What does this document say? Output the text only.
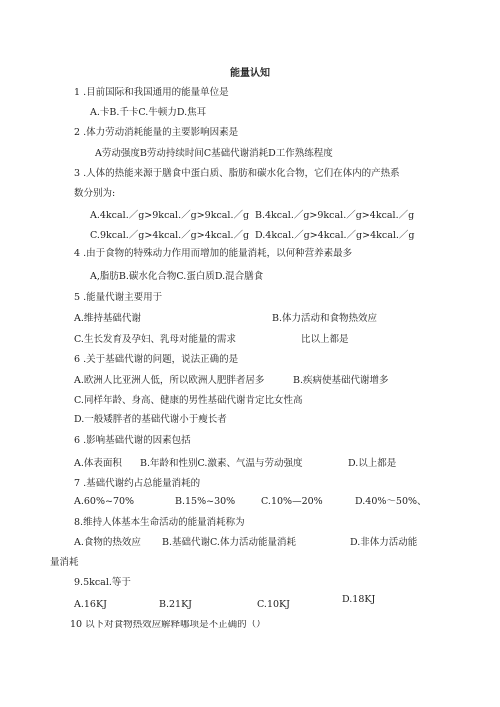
能量认知
1 .目前国际和我国通用的能量单位是
A.卡B.千卡C.牛顿力D.焦耳
2 .体力劳动消耗能量的主要影响因素是
A劳动强度B劳动持续时间C基础代谢消耗D工作熟练程度
3 .人体的热能来源于膳食中蛋白质、脂肪和碳水化合物，它们在体内的产热系
数分别为:
A.4kcal.／g>9kcal.／g>9kcal.／g B.4kcal.／g>9kcal.／g>4kcal.／g
C.9kcal.／g>4kcal.／g>4kcal.／g D.4kcal.／g>4kcal.／g>4kcal.／g
4 .由于食物的特殊动力作用而增加的能量消耗，以何种营养素最多
A,脂肪B.碳水化合物C.蛋白质D.混合膳食
5 .能量代谢主要用于
A.维持基础代谢	B.体力活动和食物热效应
C.生长发育及孕妇、乳母对能量的需求	比以上都是
6 .关于基础代谢的问题，说法正确的是
A.欧洲人比亚洲人低，所以欧洲人肥胖者居多	B.疾病使基础代谢增多
C.同样年龄、身高、健康的男性基础代谢肯定比女性高
D.一般矮胖者的基础代谢小于瘦长者
6 .影响基础代谢的因素包括
A.体表面积 B.年龄和性别C.激素、气温与劳动强度	D.以上都是
7 .基础代谢约占总能量消耗的
A.60%~70%	B.15%~30%	C.10%—20%	D.40%～50%、
8.维持人体基本生命活动的能量消耗称为
A.食物的热效应 B.基础代谢C.体力活动能量消耗	D.非体力活动能
量消耗
9.5kcal.等于
A.16KJ	B.21KJ	C.10KJ	D.18KJ
10 以下对食物热效应解释哪项是不正确的（）
